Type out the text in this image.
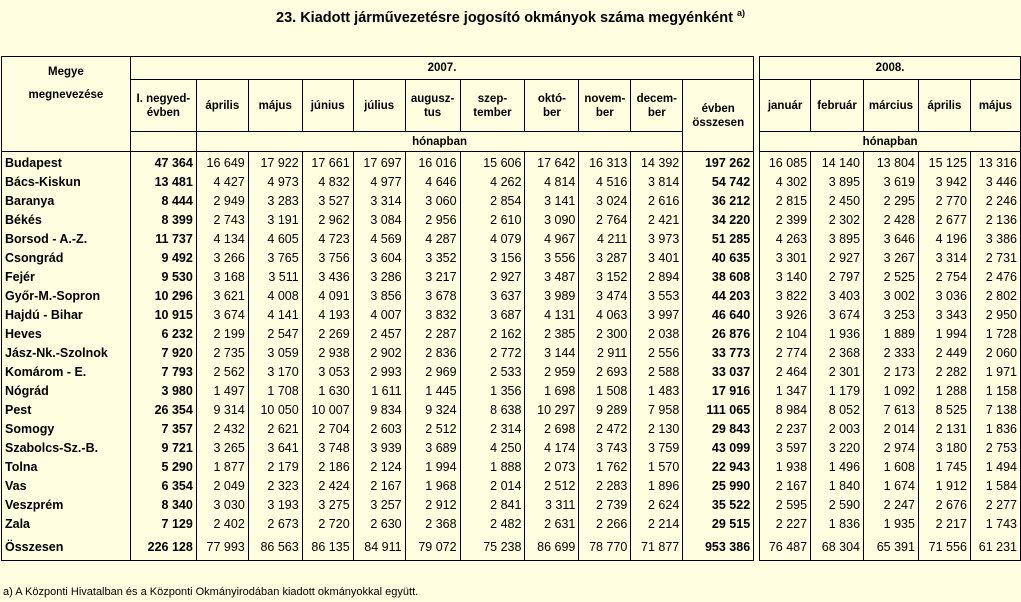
23. Kiadott járművezetésre jogosító okmányok száma megyénként $^{a)}$
Megye
megnevezése	2007.												2008.				
	I. negyed-
évben	április	május	június	július	augusz-
tus	szep-
tember	októ-
ber	novem-
ber	decem-
ber	évben
összesen		január	február	március	április	május
		hónapban											hónapban				
Budapest	47 364	16 649	17 922	17 661	17 697	16 016	15 606	17 642	16 313	14 392	197 262		16 085	14 140	13 804	15 125	13 316
Bács-Kiskun	13 481	4 427	4 973	4 832	4 977	4 646	4 262	4 814	4 516	3 814	54 742		4 302	3 895	3 619	3 942	3 446
Baranya	8 444	2 949	3 283	3 527	3 314	3 060	2 854	3 141	3 024	2 616	36 212		2 815	2 450	2 295	2 770	2 246
Békés	8 399	2 743	3 191	2 962	3 084	2 956	2 610	3 090	2 764	2 421	34 220		2 399	2 302	2 428	2 677	2 136
Borsod - A.-Z.	11 737	4 134	4 605	4 723	4 569	4 287	4 079	4 967	4 211	3 973	51 285		4 263	3 895	3 646	4 196	3 386
Csongrád	9 492	3 266	3 765	3 756	3 604	3 352	3 156	3 556	3 287	3 401	40 635		3 301	2 927	3 267	3 314	2 731
Fejér	9 530	3 168	3 511	3 436	3 286	3 217	2 927	3 487	3 152	2 894	38 608		3 140	2 797	2 525	2 754	2 476
Győr-M.-Sopron	10 296	3 621	4 008	4 091	3 856	3 678	3 637	3 989	3 474	3 553	44 203		3 822	3 403	3 002	3 036	2 802
Hajdú - Bihar	10 915	3 674	4 141	4 193	4 007	3 832	3 687	4 131	4 063	3 997	46 640		3 926	3 674	3 253	3 343	2 950
Heves	6 232	2 199	2 547	2 269	2 457	2 287	2 162	2 385	2 300	2 038	26 876		2 104	1 936	1 889	1 994	1 728
Jász-Nk.-Szolnok	7 920	2 735	3 059	2 938	2 902	2 836	2 772	3 144	2 911	2 556	33 773		2 774	2 368	2 333	2 449	2 060
Komárom - E.	7 793	2 562	3 170	3 053	2 993	2 969	2 533	2 959	2 693	2 588	33 037		2 464	2 301	2 173	2 282	1 971
Nógrád	3 980	1 497	1 708	1 630	1 611	1 445	1 356	1 698	1 508	1 483	17 916		1 347	1 179	1 092	1 288	1 158
Pest	26 354	9 314	10 050	10 007	9 834	9 324	8 638	10 297	9 289	7 958	111 065		8 984	8 052	7 613	8 525	7 138
Somogy	7 357	2 432	2 621	2 704	2 603	2 512	2 314	2 698	2 472	2 130	29 843		2 237	2 003	2 014	2 131	1 836
Szabolcs-Sz.-B.	9 721	3 265	3 641	3 748	3 939	3 689	4 250	4 174	3 743	3 759	43 099		3 597	3 220	2 974	3 180	2 753
Tolna	5 290	1 877	2 179	2 186	2 124	1 994	1 888	2 073	1 762	1 570	22 943		1 938	1 496	1 608	1 745	1 494
Vas	6 354	2 049	2 323	2 424	2 167	1 968	2 014	2 512	2 283	1 896	25 990		2 167	1 840	1 674	1 912	1 584
Veszprém	8 340	3 030	3 193	3 275	3 257	2 912	2 841	3 311	2 739	2 624	35 522		2 595	2 590	2 247	2 676	2 277
Zala	7 129	2 402	2 673	2 720	2 630	2 368	2 482	2 631	2 266	2 214	29 515		2 227	1 836	1 935	2 217	1 743
Összesen	226 128	77 993	86 563	86 135	84 911	79 072	75 238	86 699	78 770	71 877	953 386		76 487	68 304	65 391	71 556	61 231
a) A Központi Hivatalban és a Központi Okmányirodában kiadott okmányokkal együtt.
